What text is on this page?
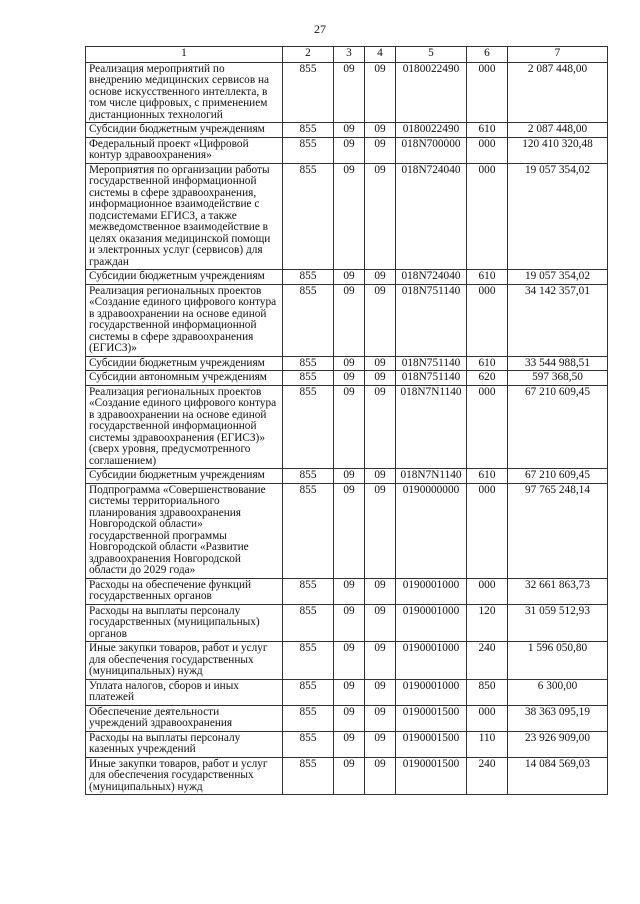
27
1	2	3	4	5	6	7
Реализация мероприятий по внедрению медицинских сервисов на основе искусственного интеллекта, в том числе цифровых, с применением дистанционных технологий	855	09	09	0180022490	000	2 087 448,00
Субсидии бюджетным учреждениям	855	09	09	0180022490	610	2 087 448,00
Федеральный проект «Цифровой контур здравоохранения»	855	09	09	018N700000	000	120 410 320,48
Мероприятия по организации работы государственной информационной системы в сфере здравоохранения, информационное взаимодействие с подсистемами ЕГИСЗ, а также межведомственное взаимодействие в целях оказания медицинской помощи и электронных услуг (сервисов) для граждан	855	09	09	018N724040	000	19 057 354,02
Субсидии бюджетным учреждениям	855	09	09	018N724040	610	19 057 354,02
Реализация региональных проектов «Создание единого цифрового контура в здравоохранении на основе единой государственной информационной системы в сфере здравоохранения (ЕГИСЗ)»	855	09	09	018N751140	000	34 142 357,01
Субсидии бюджетным учреждениям	855	09	09	018N751140	610	33 544 988,51
Субсидии автономным учреждениям	855	09	09	018N751140	620	597 368,50
Реализация региональных проектов «Создание единого цифрового контура в здравоохранении на основе единой государственной информационной системы здравоохранения (ЕГИСЗ)» (сверх уровня, предусмотренного соглашением)	855	09	09	018N7N1140	000	67 210 609,45
Субсидии бюджетным учреждениям	855	09	09	018N7N1140	610	67 210 609,45
Подпрограмма «Совершенствование системы территориального планирования здравоохранения Новгородской области» государственной программы Новгородской области «Развитие здравоохранения Новгородской области до 2029 года»	855	09	09	0190000000	000	97 765 248,14
Расходы на обеспечение функций государственных органов	855	09	09	0190001000	000	32 661 863,73
Расходы на выплаты персоналу государственных (муниципальных) органов	855	09	09	0190001000	120	31 059 512,93
Иные закупки товаров, работ и услуг для обеспечения государственных (муниципальных) нужд	855	09	09	0190001000	240	1 596 050,80
Уплата налогов, сборов и иных платежей	855	09	09	0190001000	850	6 300,00
Обеспечение деятельности учреждений здравоохранения	855	09	09	0190001500	000	38 363 095,19
Расходы на выплаты персоналу казенных учреждений	855	09	09	0190001500	110	23 926 909,00
Иные закупки товаров, работ и услуг для обеспечения государственных (муниципальных) нужд	855	09	09	0190001500	240	14 084 569,03
